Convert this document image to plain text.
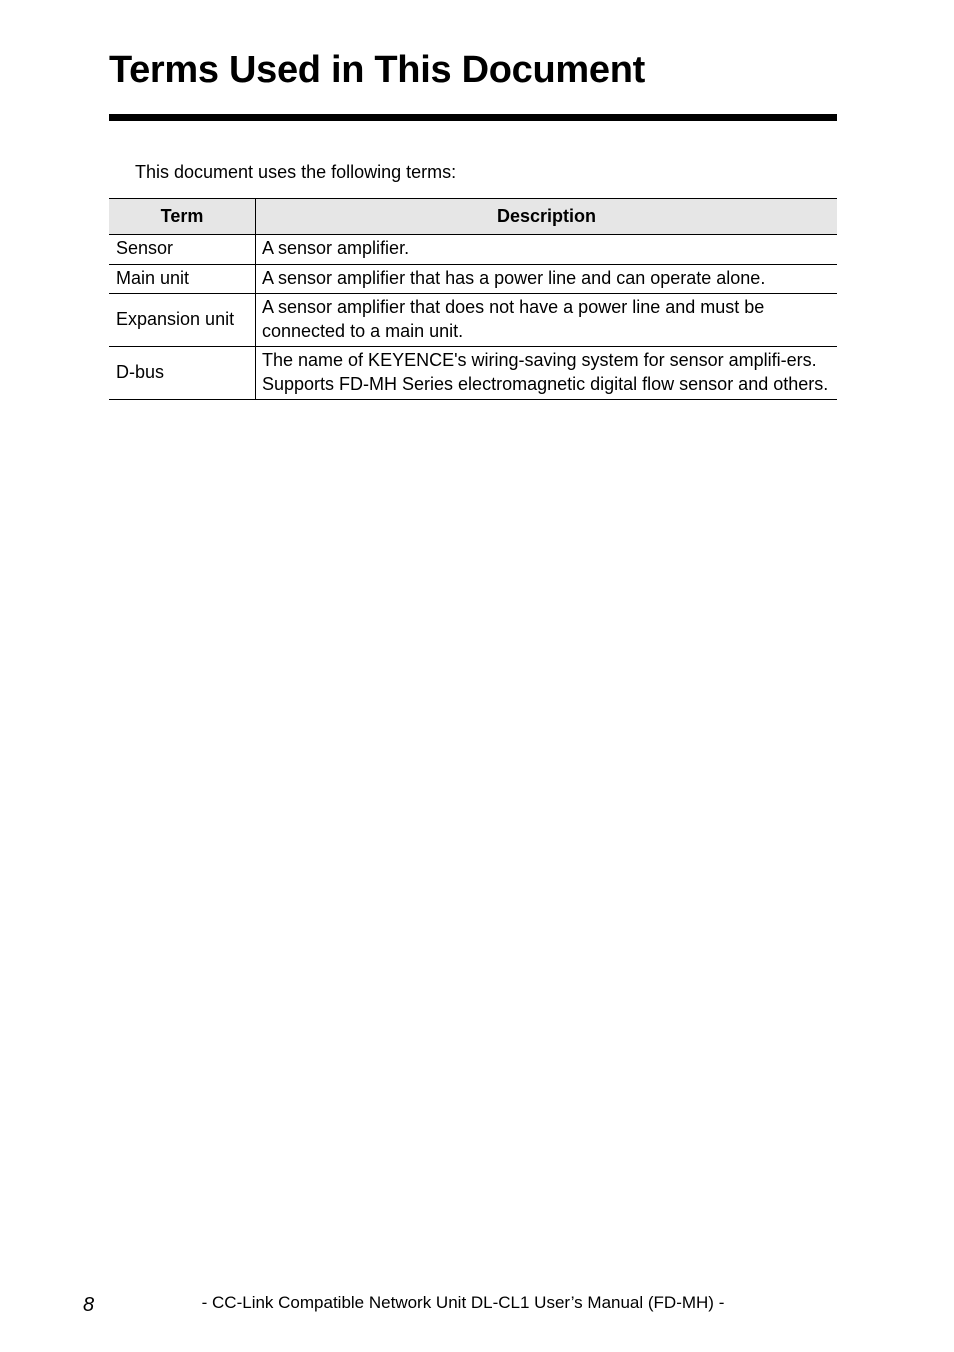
Terms Used in This Document

This document uses the following terms:

Term	Description
Sensor	A sensor amplifier.

Main unit	A sensor amplifier that has a power line and can operate alone.

Expansion unit	A sensor amplifier that does not have a power line and must be connected to a main unit.

D-bus	The name of KEYENCE's wiring-saving system for sensor amplifi-ers.
Supports FD-MH Series electromagnetic digital flow sensor and others.
8	- CC-Link Compatible Network Unit DL-CL1 User’s Manual (FD-MH) -
